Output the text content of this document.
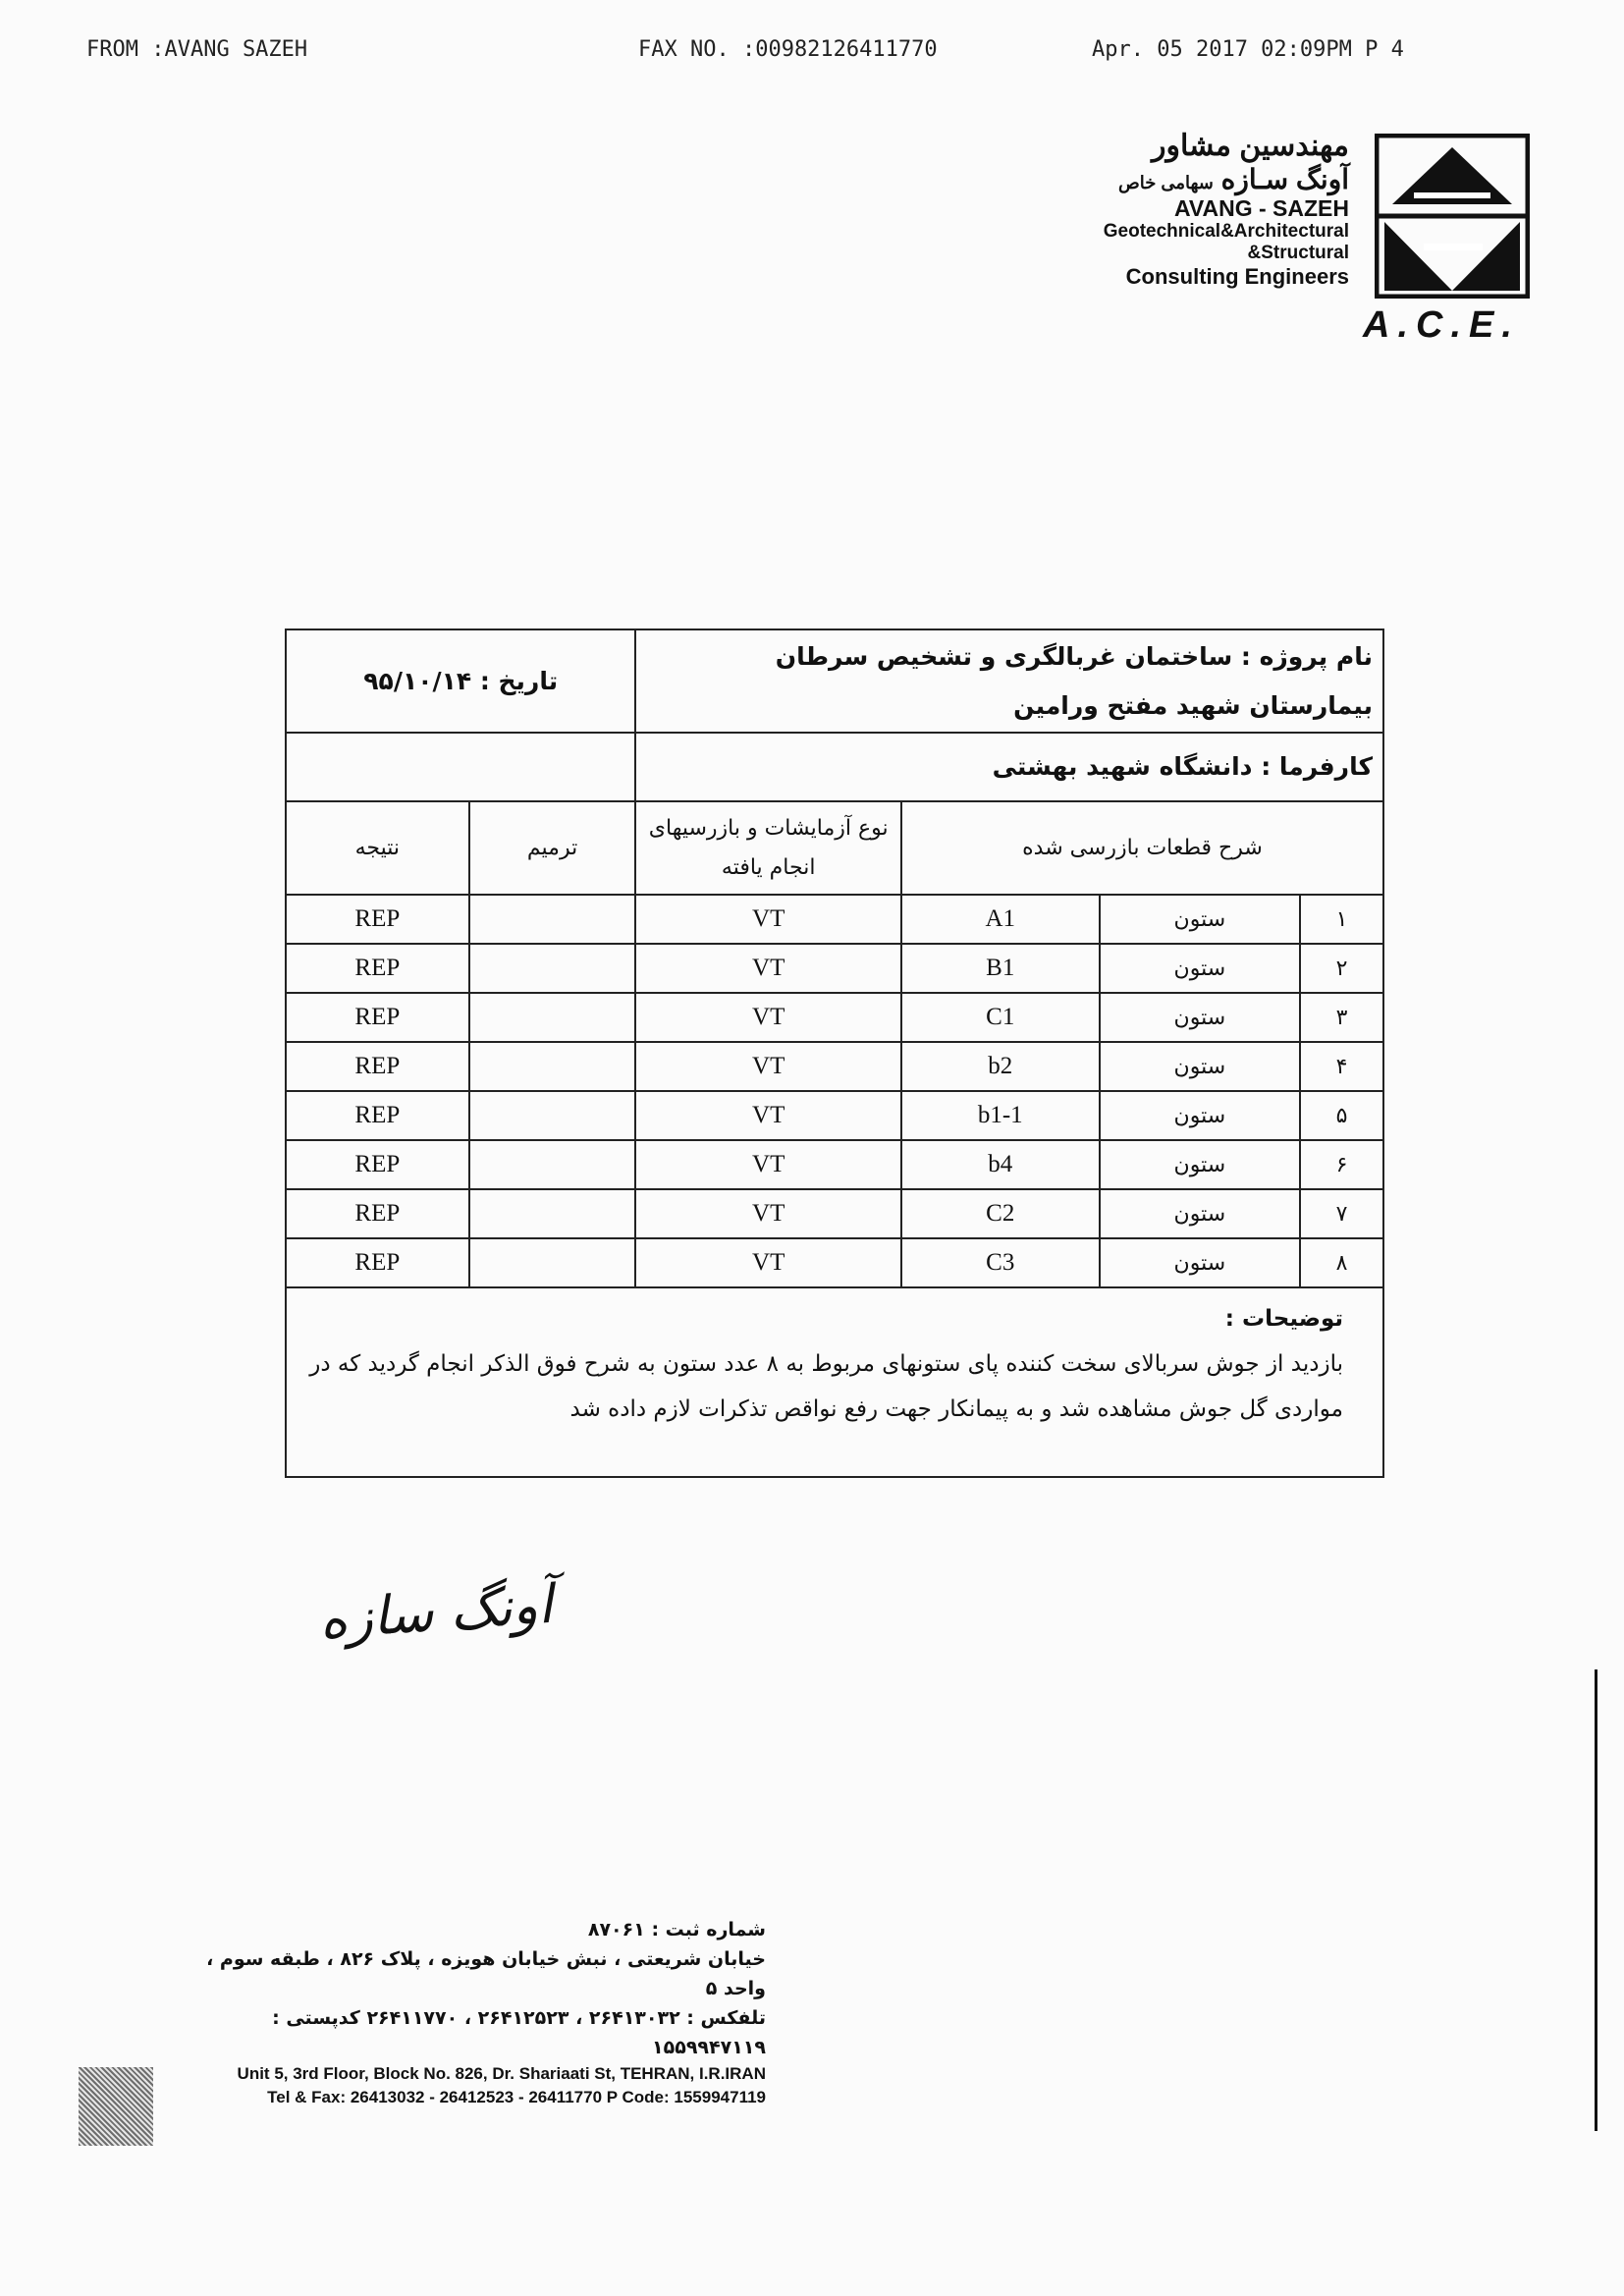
FROM :AVANG SAZEH	FAX NO. :00982126411770	Apr. 05 2017 02:09PM P 4
مهندسین مشاور
آونگ سـازه سهامی خاص
AVANG - SAZEH
Geotechnical&Architectural
&Structural
Consulting Engineers
A.C.E.
نام پروژه : ساختمان غربالگری و تشخیص سرطان بیمارستان شهید مفتح ورامین				تاریخ : ۹۵/۱۰/۱۴	
کارفرما : دانشگاه شهید بهشتی					
شرح قطعات بازرسی شده			نوع آزمایشات و بازرسیهای انجام یافته	ترمیم	نتیجه
۱	ستون	A1	VT		REP
۲	ستون	B1	VT		REP
۳	ستون	C1	VT		REP
۴	ستون	b2	VT		REP
۵	ستون	b1-1	VT		REP
۶	ستون	b4	VT		REP
۷	ستون	C2	VT		REP
۸	ستون	C3	VT		REP

توضیحات :
بازدید از جوش سربالای سخت کننده پای ستونهای مربوط به ۸ عدد ستون به شرح فوق الذکر انجام گردید که در مواردی گل جوش مشاهده شد و به پیمانکار جهت رفع نواقص تذکرات لازم داده شد					
آونگ سازه
شماره ثبت : ۸۷۰۶۱
خیابان شریعتی ، نبش خیابان هویزه ، پلاک ۸۲۶ ، طبقه سوم ، واحد ۵
تلفکس : ۲۶۴۱۳۰۳۲ ، ۲۶۴۱۲۵۲۳ ، ۲۶۴۱۱۷۷۰ کدپستی : ۱۵۵۹۹۴۷۱۱۹
Unit 5, 3rd Floor, Block No. 826, Dr. Shariaati St, TEHRAN, I.R.IRAN
Tel & Fax: 26413032 - 26412523 - 26411770 P Code: 1559947119
